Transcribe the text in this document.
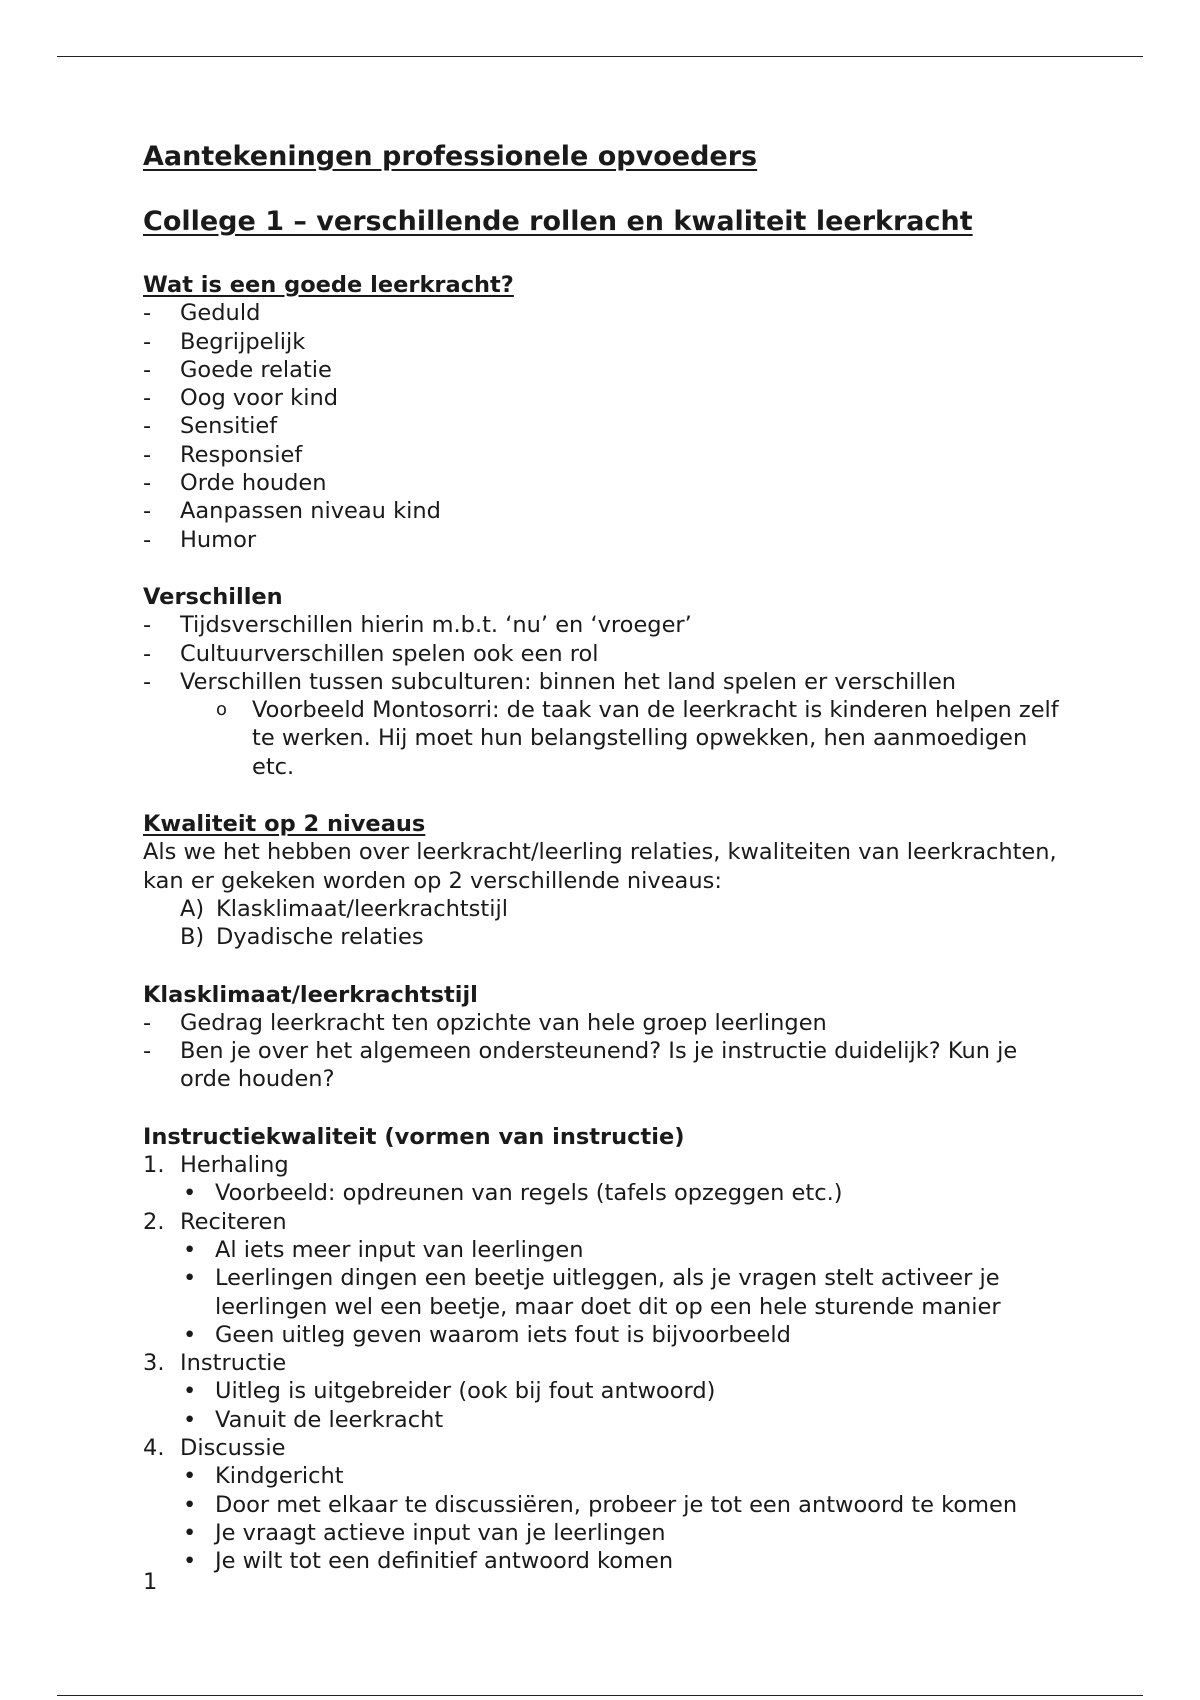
Aantekeningen professionele opvoeders
College 1 – verschillende rollen en kwaliteit leerkracht
Wat is een goede leerkracht?
- Geduld
- Begrijpelijk
- Goede relatie
- Oog voor kind
- Sensitief
- Responsief
- Orde houden
- Aanpassen niveau kind
- Humor
Verschillen
- Tijdsverschillen hierin m.b.t. ‘nu’ en ‘vroeger’
- Cultuurverschillen spelen ook een rol
- Verschillen tussen subculturen: binnen het land spelen er verschillen
o Voorbeeld Montosorri: de taak van de leerkracht is kinderen helpen zelf te werken. Hij moet hun belangstelling opwekken, hen aanmoedigen etc.
Kwaliteit op 2 niveaus

Als we het hebben over leerkracht/leerling relaties, kwaliteiten van leerkrachten, kan er gekeken worden op 2 verschillende niveaus:

A) Klasklimaat/leerkrachtstijl
B) Dyadische relaties
Klasklimaat/leerkrachtstijl
- Gedrag leerkracht ten opzichte van hele groep leerlingen
- Ben je over het algemeen ondersteunend? Is je instructie duidelijk? Kun je orde houden?
Instructiekwaliteit (vormen van instructie)
1. Herhaling
• Voorbeeld: opdreunen van regels (tafels opzeggen etc.)
2. Reciteren
• Al iets meer input van leerlingen
• Leerlingen dingen een beetje uitleggen, als je vragen stelt activeer je leerlingen wel een beetje, maar doet dit op een hele sturende manier
• Geen uitleg geven waarom iets fout is bijvoorbeeld
3. Instructie
• Uitleg is uitgebreider (ook bij fout antwoord)
• Vanuit de leerkracht
4. Discussie
• Kindgericht
• Door met elkaar te discussiëren, probeer je tot een antwoord te komen
• Je vraagt actieve input van je leerlingen
• Je wilt tot een definitief antwoord komen
1
